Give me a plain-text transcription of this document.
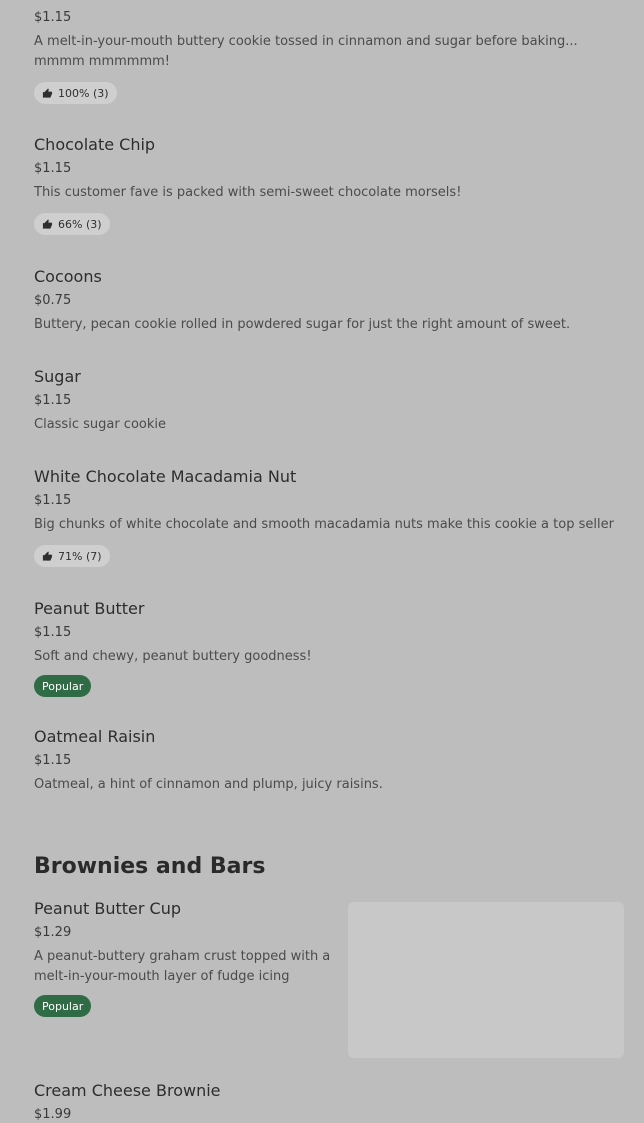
$1.15
A melt-in-your-mouth buttery cookie tossed in cinnamon and sugar before baking... mmmm mmmmmm!
100% (3)
Chocolate Chip
$1.15
This customer fave is packed with semi-sweet chocolate morsels!
66% (3)
Cocoons
$0.75
Buttery, pecan cookie rolled in powdered sugar for just the right amount of sweet.
Sugar
$1.15
Classic sugar cookie
White Chocolate Macadamia Nut
$1.15
Big chunks of white chocolate and smooth macadamia nuts make this cookie a top seller
71% (7)
Peanut Butter
$1.15
Soft and chewy, peanut buttery goodness!
Popular
Oatmeal Raisin
$1.15
Oatmeal, a hint of cinnamon and plump, juicy raisins.
Brownies and Bars
Peanut Butter Cup
$1.29
A peanut-buttery graham crust topped with a melt-in-your-mouth layer of fudge icing
Popular
Cream Cheese Brownie
$1.99
